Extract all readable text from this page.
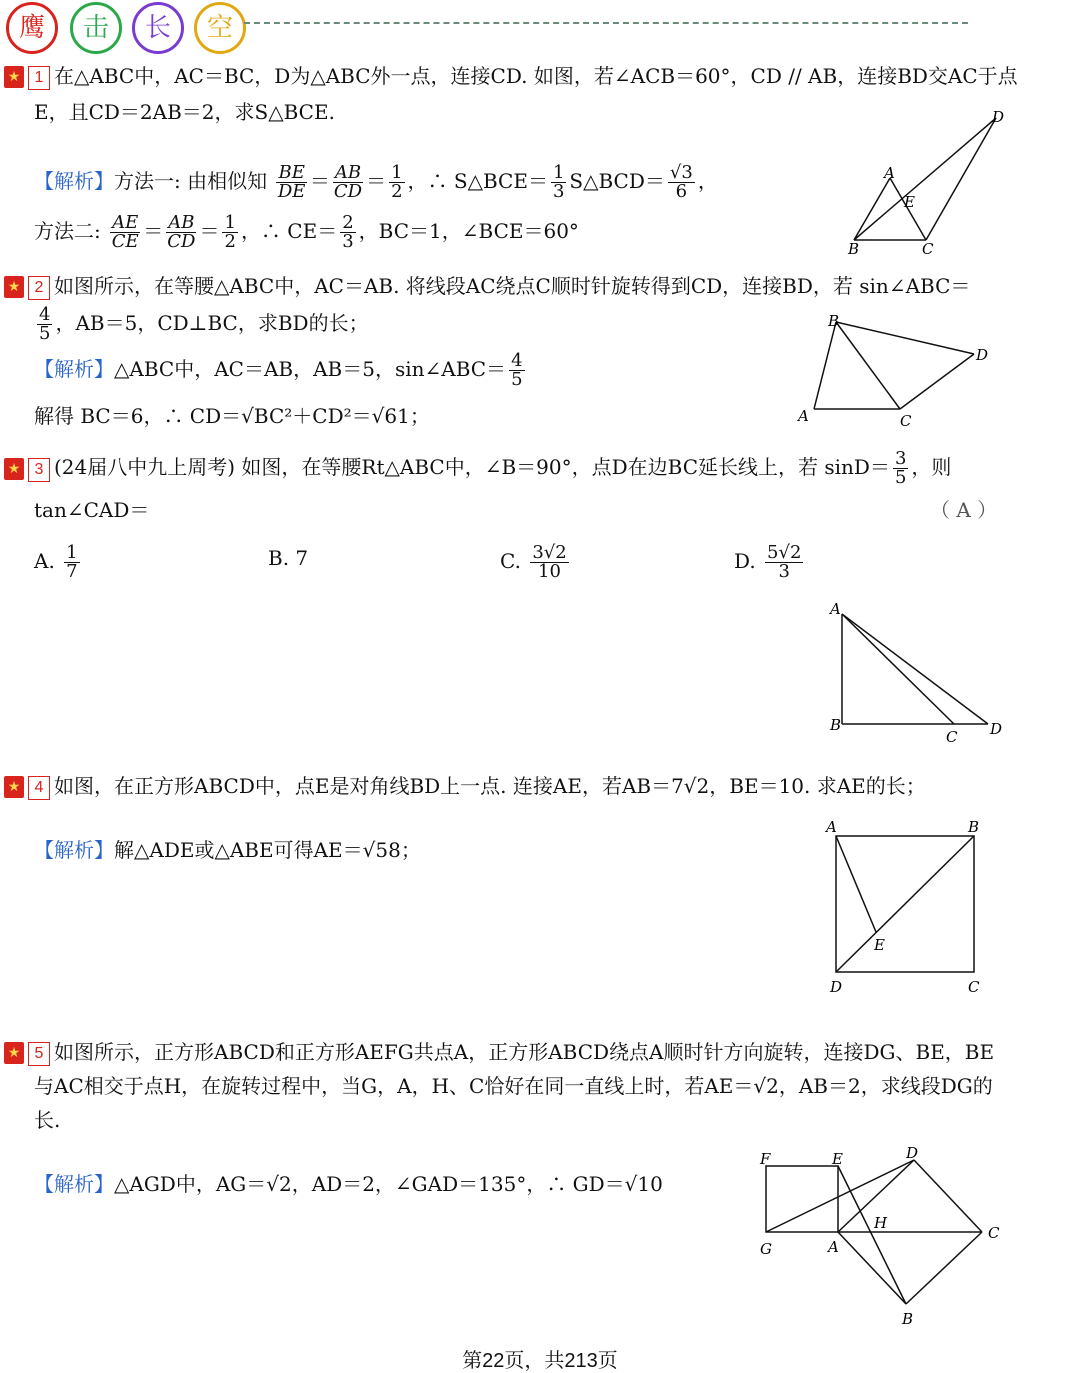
鹰	击	长	空
★ 1 在△ABC中，AC＝BC，D为△ABC外一点，连接CD. 如图，若∠ACB＝60°，CD // AB，连接BD交AC于点
E，且CD＝2AB＝2，求S△BCE.
【解析】方法一: 由相似知 $\frac{BE}{DE} = \frac{AB}{CD} = \frac{1}{2}$ ，∴ S△BCE＝ $\frac{1}{3}$ S△BCD＝ $\frac{√3}{6}$ ，
方法二: $\frac{AE}{CE} = \frac{AB}{CD} = \frac{1}{2}$ ，∴ $CE= \frac{2}{3}$ ，BC＝1，∠BCE＝60°
D
A
E
B	C
★ 2 如图所示，在等腰△ABC中，AC＝AB. 将线段AC绕点C顺时针旋转得到CD，连接BD，若 sin∠ABC＝
$\frac{4}{5}$ ，AB＝5，CD⊥BC，求BD的长；
【解析】△ABC中，AC＝AB，AB＝5，sin∠ABC＝ $\frac{4}{5}$
解得 BC＝6，∴ CD＝√BC²＋CD²＝√61；
B
D
A	C
★ 3 (24届八中九上周考) 如图，在等腰Rt△ABC中，∠B＝90°，点D在边BC延长线上，若 $\sin D= \frac{3}{5}$ ，则
tan∠CAD＝	（ A ）
A. $\frac{1}{7}$	B. 7	C. $\frac{3√2}{10}$	D. $\frac{5√2}{3}$
A
B
C D
★ 4 如图，在正方形ABCD中，点E是对角线BD上一点. 连接AE，若AB＝7√2，BE＝10. 求AE的长；
【解析】解△ADE或△ABE可得AE＝√58；
A	B
E
D	C
★ 5 如图所示，正方形ABCD和正方形AEFG共点A，正方形ABCD绕点A顺时针方向旋转，连接DG、BE，BE
与AC相交于点H，在旋转过程中，当G，A，H、C恰好在同一直线上时，若AE＝√2，AB＝2，求线段DG的
长.
【解析】△AGD中，AG＝√2，AD＝2，∠GAD＝135°，∴ GD＝√10
F	E	D
H
C
G	A
B
第22页，共213页
